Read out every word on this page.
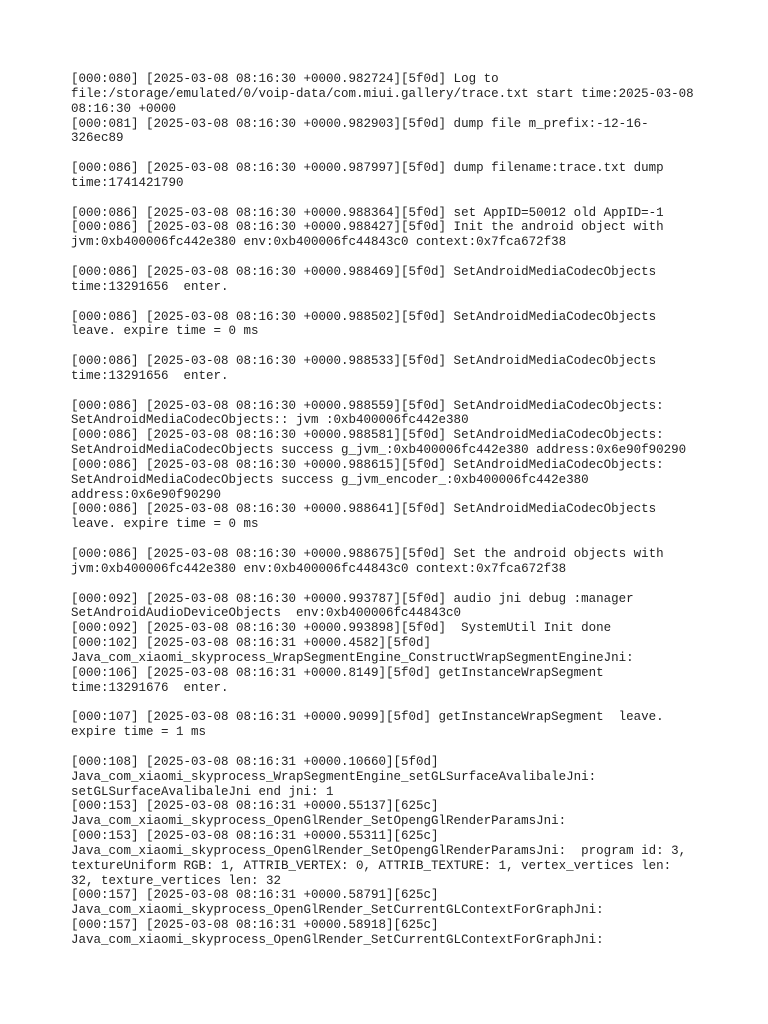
[000:080] [2025-03-08 08:16:30 +0000.982724][5f0d] Log to
file:/storage/emulated/0/voip-data/com.miui.gallery/trace.txt start time:2025-03-08
08:16:30 +0000
[000:081] [2025-03-08 08:16:30 +0000.982903][5f0d] dump file m_prefix:-12-16-
326ec89
[000:086] [2025-03-08 08:16:30 +0000.987997][5f0d] dump filename:trace.txt dump
time:1741421790
[000:086] [2025-03-08 08:16:30 +0000.988364][5f0d] set AppID=50012 old AppID=-1
[000:086] [2025-03-08 08:16:30 +0000.988427][5f0d] Init the android object with
jvm:0xb400006fc442e380 env:0xb400006fc44843c0 context:0x7fca672f38
[000:086] [2025-03-08 08:16:30 +0000.988469][5f0d] SetAndroidMediaCodecObjects
time:13291656  enter.
[000:086] [2025-03-08 08:16:30 +0000.988502][5f0d] SetAndroidMediaCodecObjects
leave. expire time = 0 ms
[000:086] [2025-03-08 08:16:30 +0000.988533][5f0d] SetAndroidMediaCodecObjects
time:13291656  enter.
[000:086] [2025-03-08 08:16:30 +0000.988559][5f0d] SetAndroidMediaCodecObjects:
SetAndroidMediaCodecObjects:: jvm :0xb400006fc442e380
[000:086] [2025-03-08 08:16:30 +0000.988581][5f0d] SetAndroidMediaCodecObjects:
SetAndroidMediaCodecObjects success g_jvm_:0xb400006fc442e380 address:0x6e90f90290
[000:086] [2025-03-08 08:16:30 +0000.988615][5f0d] SetAndroidMediaCodecObjects:
SetAndroidMediaCodecObjects success g_jvm_encoder_:0xb400006fc442e380
address:0x6e90f90290
[000:086] [2025-03-08 08:16:30 +0000.988641][5f0d] SetAndroidMediaCodecObjects
leave. expire time = 0 ms
[000:086] [2025-03-08 08:16:30 +0000.988675][5f0d] Set the android objects with
jvm:0xb400006fc442e380 env:0xb400006fc44843c0 context:0x7fca672f38
[000:092] [2025-03-08 08:16:30 +0000.993787][5f0d] audio jni debug :manager
SetAndroidAudioDeviceObjects  env:0xb400006fc44843c0
[000:092] [2025-03-08 08:16:30 +0000.993898][5f0d]  SystemUtil Init done
[000:102] [2025-03-08 08:16:31 +0000.4582][5f0d]
Java_com_xiaomi_skyprocess_WrapSegmentEngine_ConstructWrapSegmentEngineJni:
[000:106] [2025-03-08 08:16:31 +0000.8149][5f0d] getInstanceWrapSegment
time:13291676  enter.
[000:107] [2025-03-08 08:16:31 +0000.9099][5f0d] getInstanceWrapSegment  leave.
expire time = 1 ms
[000:108] [2025-03-08 08:16:31 +0000.10660][5f0d]
Java_com_xiaomi_skyprocess_WrapSegmentEngine_setGLSurfaceAvalibaleJni:
setGLSurfaceAvalibaleJni end jni: 1
[000:153] [2025-03-08 08:16:31 +0000.55137][625c]
Java_com_xiaomi_skyprocess_OpenGlRender_SetOpengGlRenderParamsJni:
[000:153] [2025-03-08 08:16:31 +0000.55311][625c]
Java_com_xiaomi_skyprocess_OpenGlRender_SetOpengGlRenderParamsJni:  program id: 3,
textureUniform RGB: 1, ATTRIB_VERTEX: 0, ATTRIB_TEXTURE: 1, vertex_vertices len:
32, texture_vertices len: 32
[000:157] [2025-03-08 08:16:31 +0000.58791][625c]
Java_com_xiaomi_skyprocess_OpenGlRender_SetCurrentGLContextForGraphJni:
[000:157] [2025-03-08 08:16:31 +0000.58918][625c]
Java_com_xiaomi_skyprocess_OpenGlRender_SetCurrentGLContextForGraphJni:
